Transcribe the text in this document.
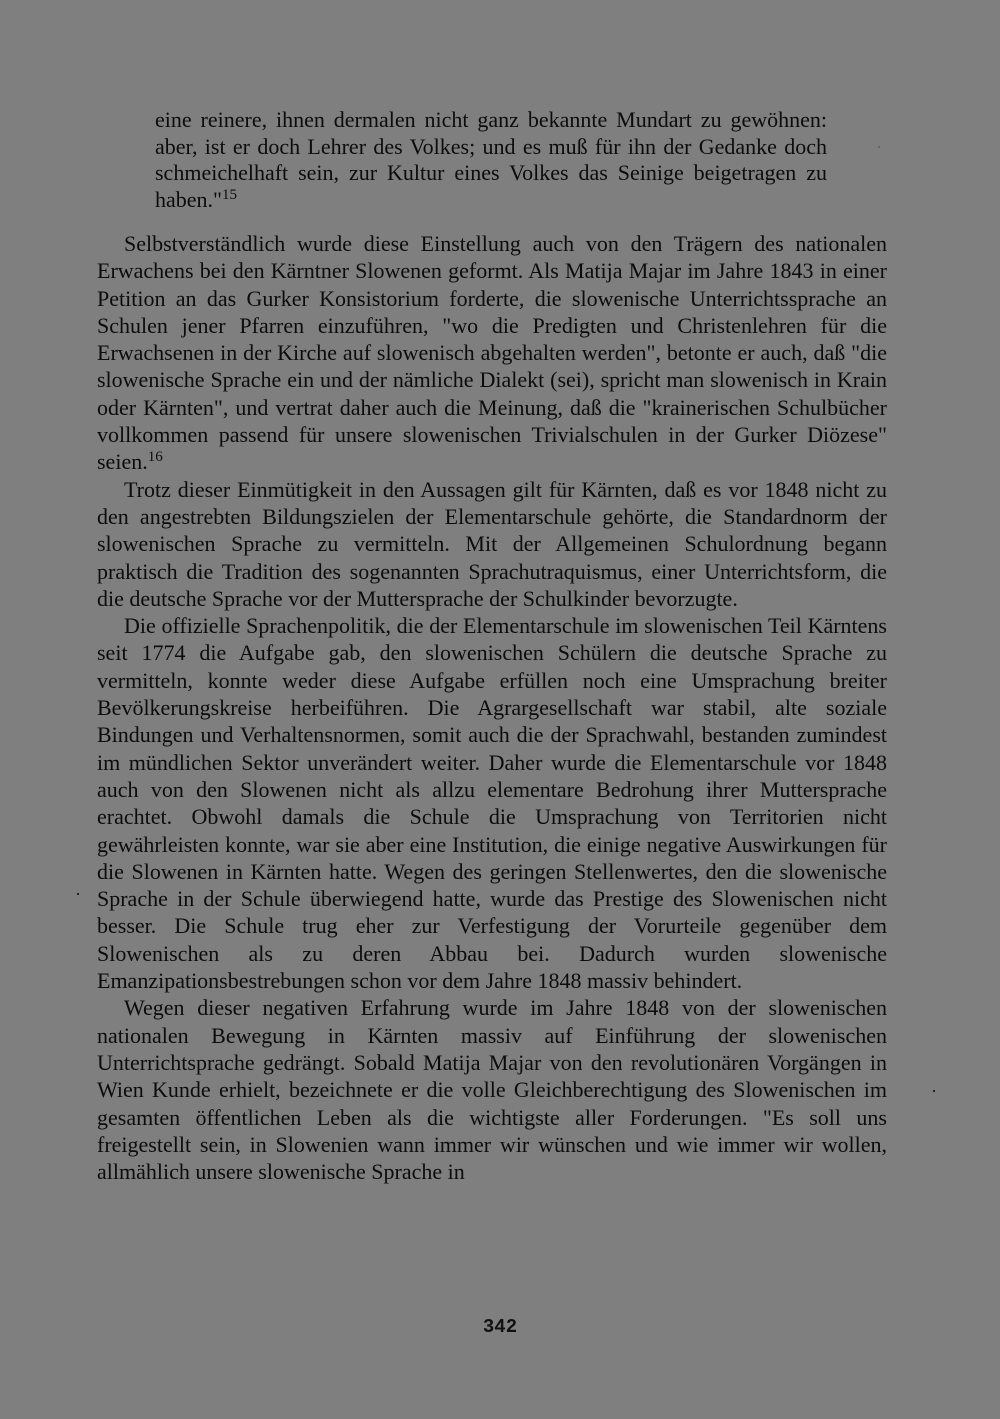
eine reinere, ihnen dermalen nicht ganz bekannte Mundart zu gewöhnen: aber, ist er doch Lehrer des Volkes; und es muß für ihn der Gedanke doch schmeichelhaft sein, zur Kultur eines Volkes das Seinige beigetragen zu haben."$^{15}$

Selbstverständlich wurde diese Einstellung auch von den Trägern des nationalen Erwachens bei den Kärntner Slowenen geformt. Als Matija Majar im Jahre 1843 in einer Petition an das Gurker Konsistorium forderte, die slowenische Unterrichtssprache an Schulen jener Pfarren einzuführen, "wo die Predigten und Christenlehren für die Erwachsenen in der Kirche auf slowenisch abgehalten werden", betonte er auch, daß "die slowenische Sprache ein und der nämliche Dialekt (sei), spricht man slowenisch in Krain oder Kärnten", und vertrat daher auch die Meinung, daß die "krainerischen Schulbücher vollkommen passend für unsere slowenischen Trivialschulen in der Gurker Diözese" seien.$^{16}$

Trotz dieser Einmütigkeit in den Aussagen gilt für Kärnten, daß es vor 1848 nicht zu den angestrebten Bildungszielen der Elementarschule gehörte, die Standardnorm der slowenischen Sprache zu vermitteln. Mit der Allgemeinen Schulordnung begann praktisch die Tradition des sogenannten Sprachutraquismus, einer Unterrichtsform, die die deutsche Sprache vor der Muttersprache der Schulkinder bevorzugte.

Die offizielle Sprachenpolitik, die der Elementarschule im slowenischen Teil Kärntens seit 1774 die Aufgabe gab, den slowenischen Schülern die deutsche Sprache zu vermitteln, konnte weder diese Aufgabe erfüllen noch eine Umsprachung breiter Bevölkerungskreise herbeiführen. Die Agrargesellschaft war stabil, alte soziale Bindungen und Verhaltensnormen, somit auch die der Sprachwahl, bestanden zumindest im mündlichen Sektor unverändert weiter. Daher wurde die Elementarschule vor 1848 auch von den Slowenen nicht als allzu elementare Bedrohung ihrer Muttersprache erachtet. Obwohl damals die Schule die Umsprachung von Territorien nicht gewährleisten konnte, war sie aber eine Institution, die einige negative Auswirkungen für die Slowenen in Kärnten hatte. Wegen des geringen Stellenwertes, den die slowenische Sprache in der Schule überwiegend hatte, wurde das Prestige des Slowenischen nicht besser. Die Schule trug eher zur Verfestigung der Vorurteile gegenüber dem Slowenischen als zu deren Abbau bei. Dadurch wurden slowenische Emanzipationsbestrebungen schon vor dem Jahre 1848 massiv behindert.

Wegen dieser negativen Erfahrung wurde im Jahre 1848 von der slowenischen nationalen Bewegung in Kärnten massiv auf Einführung der slowenischen Unterrichtsprache gedrängt. Sobald Matija Majar von den revolutionären Vorgängen in Wien Kunde erhielt, bezeichnete er die volle Gleichberechtigung des Slowenischen im gesamten öffentlichen Leben als die wichtigste aller Forderungen. "Es soll uns freigestellt sein, in Slowenien wann immer wir wünschen und wie immer wir wollen, allmählich unsere slowenische Sprache in

342
